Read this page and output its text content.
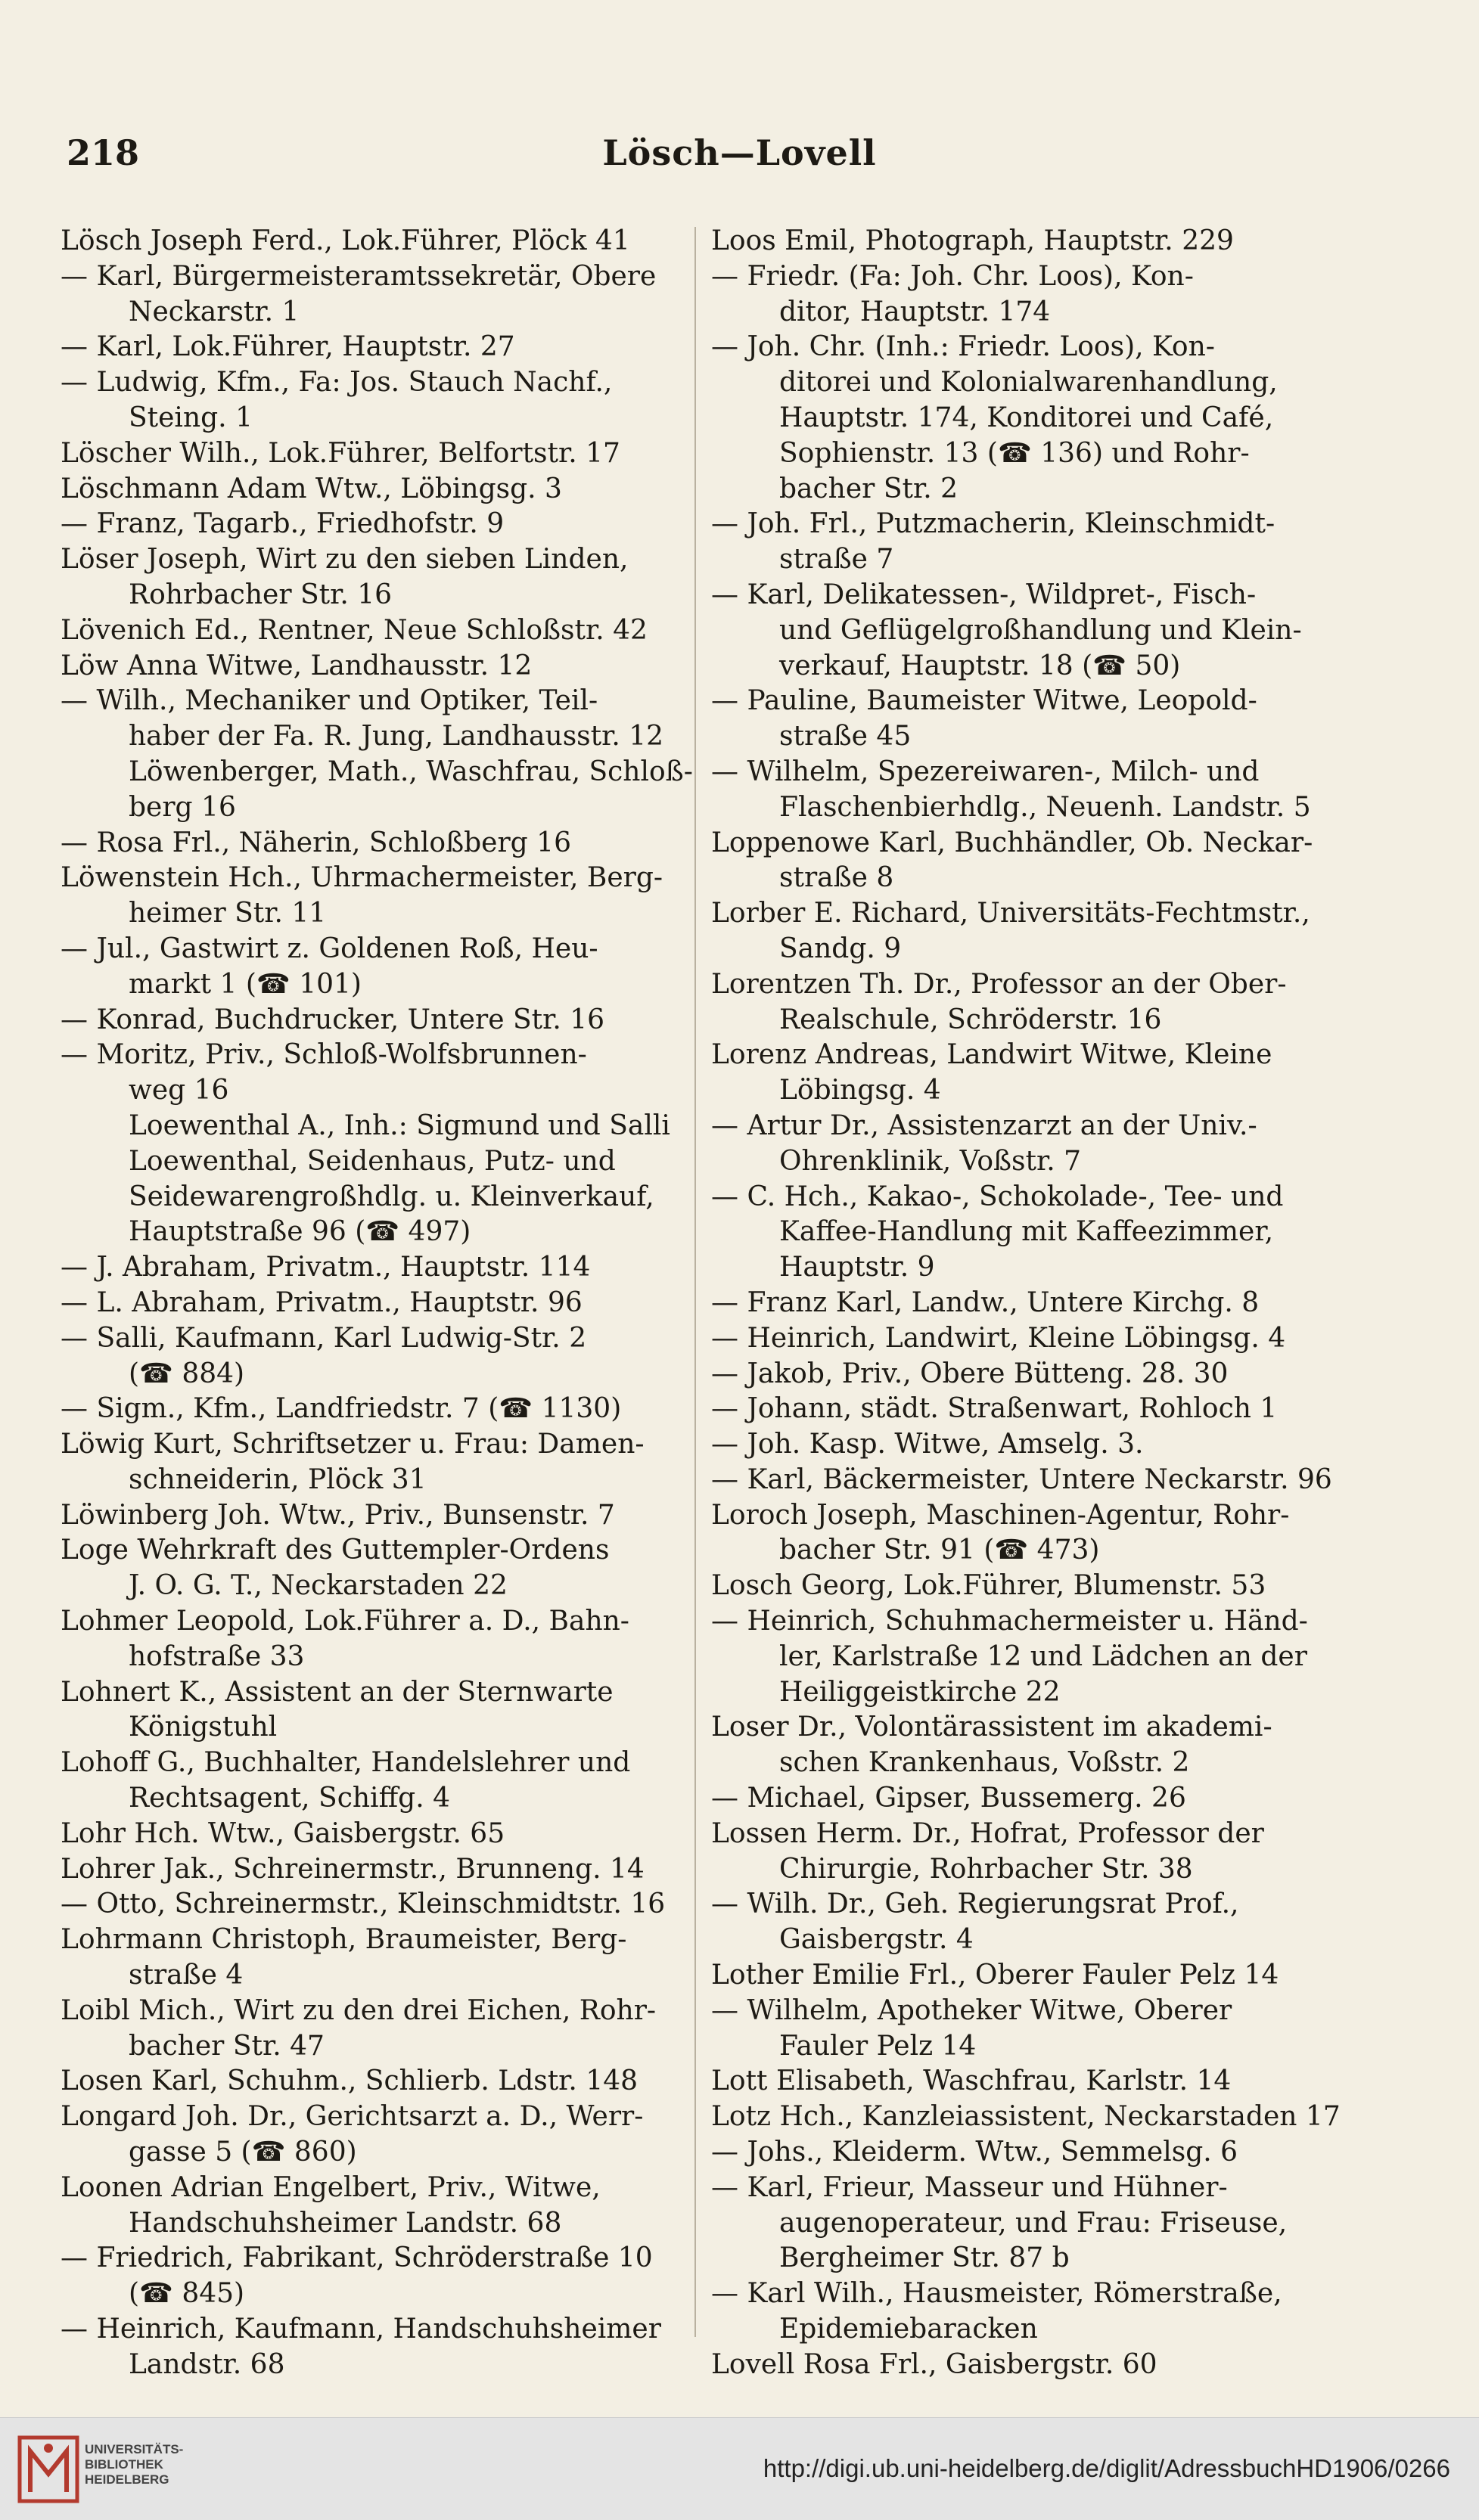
Lösch—Lovell
218
Lösch Joseph Ferd., Lok.Führer, Plöck 41
— Karl, Bürgermeisteramtssekretär, Obere
Neckarstr. 1
— Karl, Lok.Führer, Hauptstr. 27
— Ludwig, Kfm., Fa: Jos. Stauch Nachf.,
Steing. 1
Löscher Wilh., Lok.Führer, Belfortstr. 17
Löschmann Adam Wtw., Löbingsg. 3
— Franz, Tagarb., Friedhofstr. 9
Löser Joseph, Wirt zu den sieben Linden,
Rohrbacher Str. 16
Lövenich Ed., Rentner, Neue Schloßstr. 42
Löw Anna Witwe, Landhausstr. 12
— Wilh., Mechaniker und Optiker, Teil-
haber der Fa. R. Jung, Landhausstr. 12
Löwenberger, Math., Waschfrau, Schloß-
berg 16
— Rosa Frl., Näherin, Schloßberg 16
Löwenstein Hch., Uhrmachermeister, Berg-
heimer Str. 11
— Jul., Gastwirt z. Goldenen Roß, Heu-
markt 1 (☎ 101)
— Konrad, Buchdrucker, Untere Str. 16
— Moritz, Priv., Schloß-Wolfsbrunnen-
weg 16
Loewenthal A., Inh.: Sigmund und Salli
Loewenthal, Seidenhaus, Putz- und
Seidewarengroßhdlg. u. Kleinverkauf,
Hauptstraße 96 (☎ 497)
— J. Abraham, Privatm., Hauptstr. 114
— L. Abraham, Privatm., Hauptstr. 96
— Salli, Kaufmann, Karl Ludwig-Str. 2
(☎ 884)
— Sigm., Kfm., Landfriedstr. 7 (☎ 1130)
Löwig Kurt, Schriftsetzer u. Frau: Damen-
schneiderin, Plöck 31
Löwinberg Joh. Wtw., Priv., Bunsenstr. 7
Loge Wehrkraft des Guttempler-Ordens
J. O. G. T., Neckarstaden 22
Lohmer Leopold, Lok.Führer a. D., Bahn-
hofstraße 33
Lohnert K., Assistent an der Sternwarte
Königstuhl
Lohoff G., Buchhalter, Handelslehrer und
Rechtsagent, Schiffg. 4
Lohr Hch. Wtw., Gaisbergstr. 65
Lohrer Jak., Schreinermstr., Brunneng. 14
— Otto, Schreinermstr., Kleinschmidtstr. 16
Lohrmann Christoph, Braumeister, Berg-
straße 4
Loibl Mich., Wirt zu den drei Eichen, Rohr-
bacher Str. 47
Losen Karl, Schuhm., Schlierb. Ldstr. 148
Longard Joh. Dr., Gerichtsarzt a. D., Werr-
gasse 5 (☎ 860)
Loonen Adrian Engelbert, Priv., Witwe,
Handschuhsheimer Landstr. 68
— Friedrich, Fabrikant, Schröderstraße 10
(☎ 845)
— Heinrich, Kaufmann, Handschuhsheimer
Landstr. 68
Loos Emil, Photograph, Hauptstr. 229
— Friedr. (Fa: Joh. Chr. Loos), Kon-
ditor, Hauptstr. 174
— Joh. Chr. (Inh.: Friedr. Loos), Kon-
ditorei und Kolonialwarenhandlung,
Hauptstr. 174, Konditorei und Café,
Sophienstr. 13 (☎ 136) und Rohr-
bacher Str. 2
— Joh. Frl., Putzmacherin, Kleinschmidt-
straße 7
— Karl, Delikatessen-, Wildpret-, Fisch-
und Geflügelgroßhandlung und Klein-
verkauf, Hauptstr. 18 (☎ 50)
— Pauline, Baumeister Witwe, Leopold-
straße 45
— Wilhelm, Spezereiwaren-, Milch- und
Flaschenbierhdlg., Neuenh. Landstr. 5
Loppenowe Karl, Buchhändler, Ob. Neckar-
straße 8
Lorber E. Richard, Universitäts-Fechtmstr.,
Sandg. 9
Lorentzen Th. Dr., Professor an der Ober-
Realschule, Schröderstr. 16
Lorenz Andreas, Landwirt Witwe, Kleine
Löbingsg. 4
— Artur Dr., Assistenzarzt an der Univ.-
Ohrenklinik, Voßstr. 7
— C. Hch., Kakao-, Schokolade-, Tee- und
Kaffee-Handlung mit Kaffeezimmer,
Hauptstr. 9
— Franz Karl, Landw., Untere Kirchg. 8
— Heinrich, Landwirt, Kleine Löbingsg. 4
— Jakob, Priv., Obere Bütteng. 28. 30
— Johann, städt. Straßenwart, Rohloch 1
— Joh. Kasp. Witwe, Amselg. 3.
— Karl, Bäckermeister, Untere Neckarstr. 96
Loroch Joseph, Maschinen-Agentur, Rohr-
bacher Str. 91 (☎ 473)
Losch Georg, Lok.Führer, Blumenstr. 53
— Heinrich, Schuhmachermeister u. Händ-
ler, Karlstraße 12 und Lädchen an der
Heiliggeistkirche 22
Loser Dr., Volontärassistent im akademi-
schen Krankenhaus, Voßstr. 2
— Michael, Gipser, Bussemerg. 26
Lossen Herm. Dr., Hofrat, Professor der
Chirurgie, Rohrbacher Str. 38
— Wilh. Dr., Geh. Regierungsrat Prof.,
Gaisbergstr. 4
Lother Emilie Frl., Oberer Fauler Pelz 14
— Wilhelm, Apotheker Witwe, Oberer
Fauler Pelz 14
Lott Elisabeth, Waschfrau, Karlstr. 14
Lotz Hch., Kanzleiassistent, Neckarstaden 17
— Johs., Kleiderm. Wtw., Semmelsg. 6
— Karl, Frieur, Masseur und Hühner-
augenoperateur, und Frau: Friseuse,
Bergheimer Str. 87 b
— Karl Wilh., Hausmeister, Römerstraße,
Epidemiebaracken
Lovell Rosa Frl., Gaisbergstr. 60
UNIVERSITÄTS-
BIBLIOTHEK
HEIDELBERG	http://digi.ub.uni-heidelberg.de/diglit/AdressbuchHD1906/0266
